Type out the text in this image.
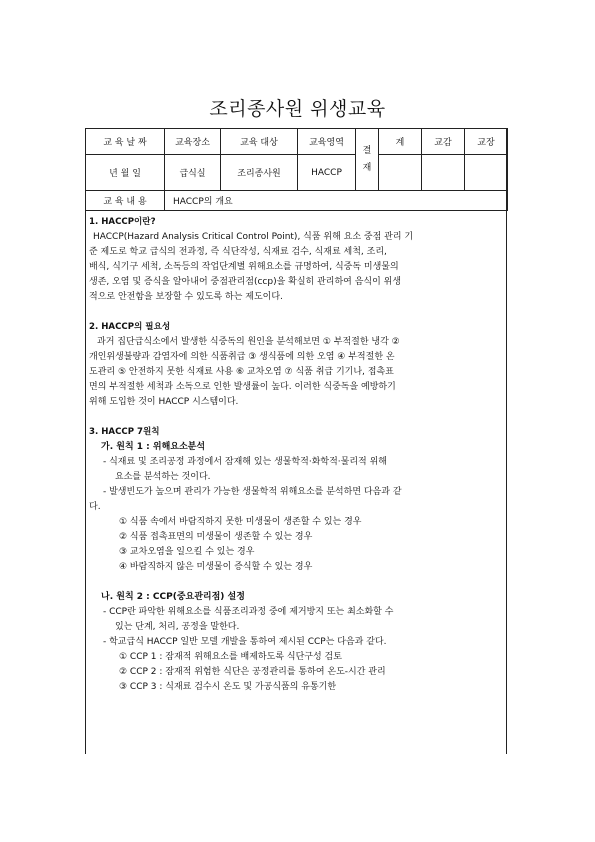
조리종사원 위생교육
교 육 날 짜	교육장소	교육 대상	교육영역	결 재	계	교감	교장
년 월 일	급식실	조리종사원	HACCP				
교 육 내 용	HACCP의 개요						

1. HACCP이란?

HACCP(Hazard Analysis Critical Control Point), 식품 위해 요소 중점 관리 기

준 제도로 학교 급식의 전과정, 즉 식단작성, 식재료 검수, 식재료 세척, 조리,

배식, 식기구 세척, 소독등의 작업단계별 위해요소를 규명하여, 식중독 미생물의

생존, 오염 및 증식을 알아내어 중점관리점(ccp)을 확실히 관리하여 음식이 위생

적으로 안전함을 보장할 수 있도록 하는 제도이다.

2. HACCP의 필요성

과거 집단급식소에서 발생한 식중독의 원인을 분석해보면 ① 부적절한 냉각 ②

개인위생불량과 감염자에 의한 식품취급 ③ 생식품에 의한 오염 ④ 부적절한 온

도관리 ⑤ 안전하지 못한 식재료 사용 ⑥ 교차오염 ⑦ 식품 취급 기기나, 접촉표

면의 부적절한 세척과 소독으로 인한 발생률이 높다. 이러한 식중독을 예방하기

위해 도입한 것이 HACCP 시스템이다.

3. HACCP 7원칙

가. 원칙 1 : 위해요소분석

- 식재료 및 조리공정 과정에서 잠재해 있는 생물학적·화학적·물리적 위해

요소를 분석하는 것이다.

- 발생빈도가 높으며 관리가 가능한 생물학적 위해요소를 분석하면 다음과 같

다.

① 식품 속에서 바람직하지 못한 미생물이 생존할 수 있는 경우

② 식품 접촉표면의 미생물이 생존할 수 있는 경우

③ 교차오염을 일으킬 수 있는 경우

④ 바람직하지 않은 미생물이 증식할 수 있는 경우

나. 원칙 2 : CCP(중요관리점) 설정

- CCP란 파악한 위해요소를 식품조리과정 중에 제거방지 또는 최소화할 수

있는 단계, 처리, 공정을 말한다.

- 학교급식 HACCP 일반 모델 개발을 통하여 제시된 CCP는 다음과 같다.

① CCP 1 : 잠재적 위해요소를 배제하도록 식단구성 검토

② CCP 2 : 잠재적 위험한 식단은 공정관리를 통하여 온도-시간 관리

③ CCP 3 : 식재료 검수시 온도 및 가공식품의 유통기한
